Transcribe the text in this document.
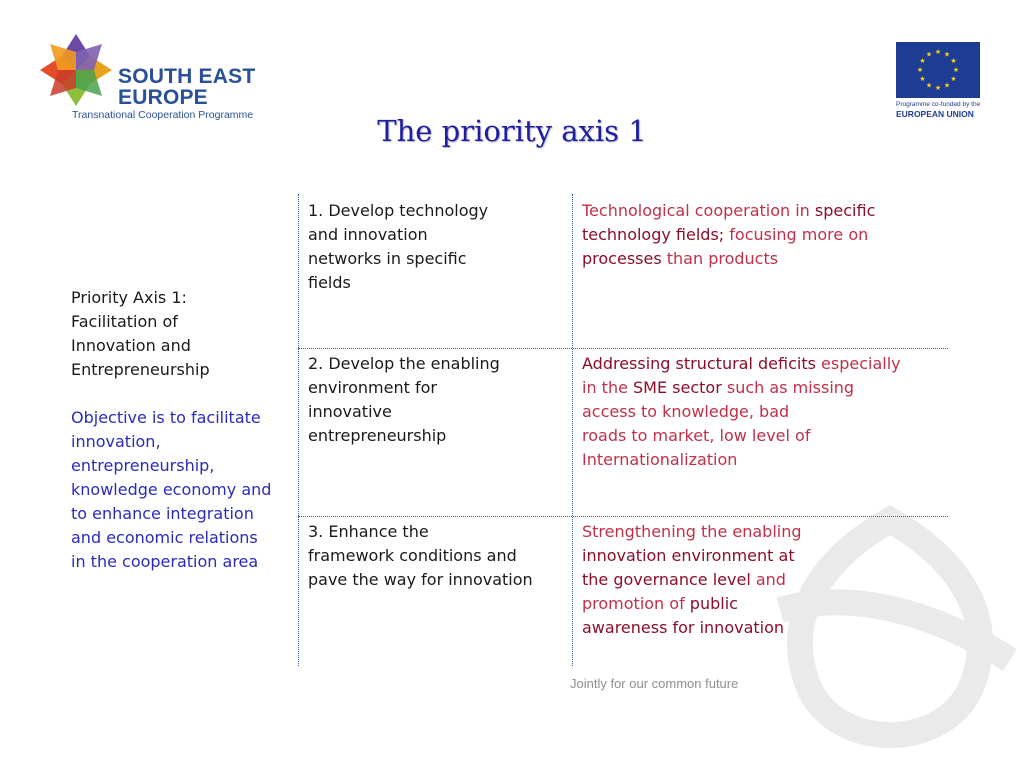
SOUTH EAST
EUROPE
Transnational Cooperation Programme
★ ★
★
★
★
★
★
★
★
★
★
★
Programme co-funded by the
EUROPEAN UNION
The priority axis 1
Priority Axis 1:
Facilitation of
Innovation and
Entrepreneurship
Objective is to facilitate
innovation,
entrepreneurship,
knowledge economy and
to enhance integration
and economic relations
in the cooperation area
1. Develop technology
and innovation
networks in specific
fields
Technological cooperation in specific
technology fields; focusing more on
processes than products
2. Develop the enabling
environment for
innovative
entrepreneurship
Addressing structural deficits especially
in the SME sector such as missing
access to knowledge, bad
roads to market, low level of
Internationalization
3. Enhance the
framework conditions and
pave the way for innovation
Strengthening the enabling
innovation environment at
the governance level and
promotion of public
awareness for innovation
Jointly for our common future
